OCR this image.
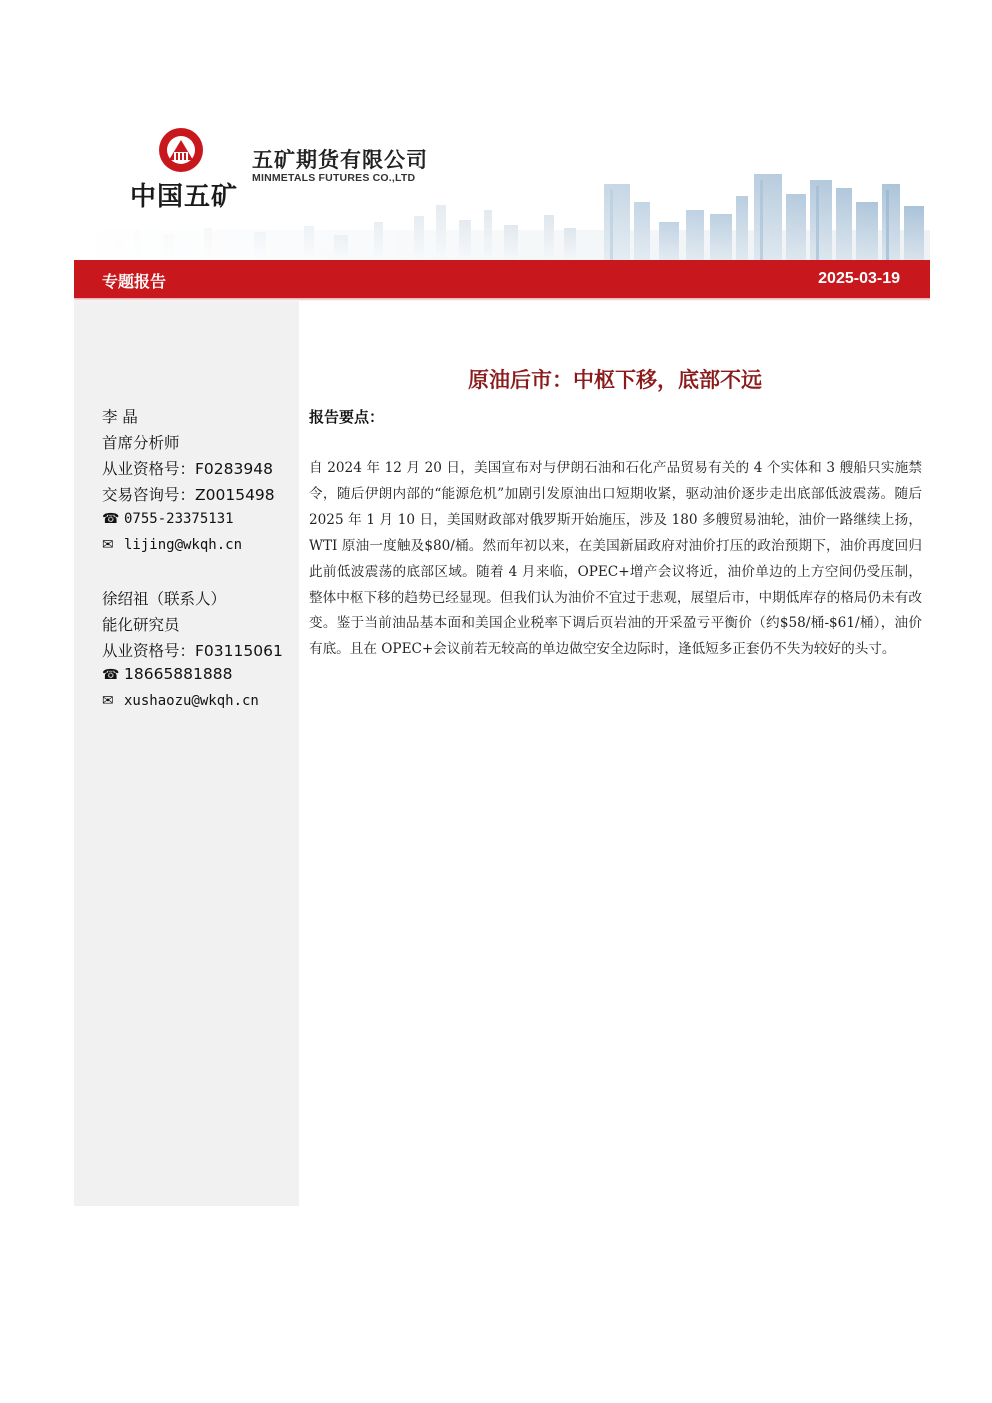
中国五矿
五矿期货有限公司
MINMETALS FUTURES CO.,LTD
专题报告	2025-03-19
李 晶
首席分析师
从业资格号：F0283948
交易咨询号：Z0015498
☎ 0755-23375131
✉ lijing@wkqh.cn
徐绍祖（联系人）
能化研究员
从业资格号：F03115061
☎ 18665881888
✉ xushaozu@wkqh.cn
原油后市：中枢下移，底部不远
报告要点：
自 2024 年 12 月 20 日，美国宣布对与伊朗石油和石化产品贸易有关的 4 个实体和 3 艘船只实施禁令，随后伊朗内部的“能源危机”加剧引发原油出口短期收紧，驱动油价逐步走出底部低波震荡。随后 2025 年 1 月 10 日，美国财政部对俄罗斯开始施压，涉及 180 多艘贸易油轮，油价一路继续上扬，WTI 原油一度触及$80/桶。然而年初以来，在美国新届政府对油价打压的政治预期下，油价再度回归此前低波震荡的底部区域。随着 4 月来临，OPEC+增产会议将近，油价单边的上方空间仍受压制，整体中枢下移的趋势已经显现。但我们认为油价不宜过于悲观，展望后市，中期低库存的格局仍未有改变。鉴于当前油品基本面和美国企业税率下调后页岩油的开采盈亏平衡价（约$58/桶-$61/桶），油价有底。且在 OPEC+会议前若无较高的单边做空安全边际时，逢低短多正套仍不失为较好的头寸。
